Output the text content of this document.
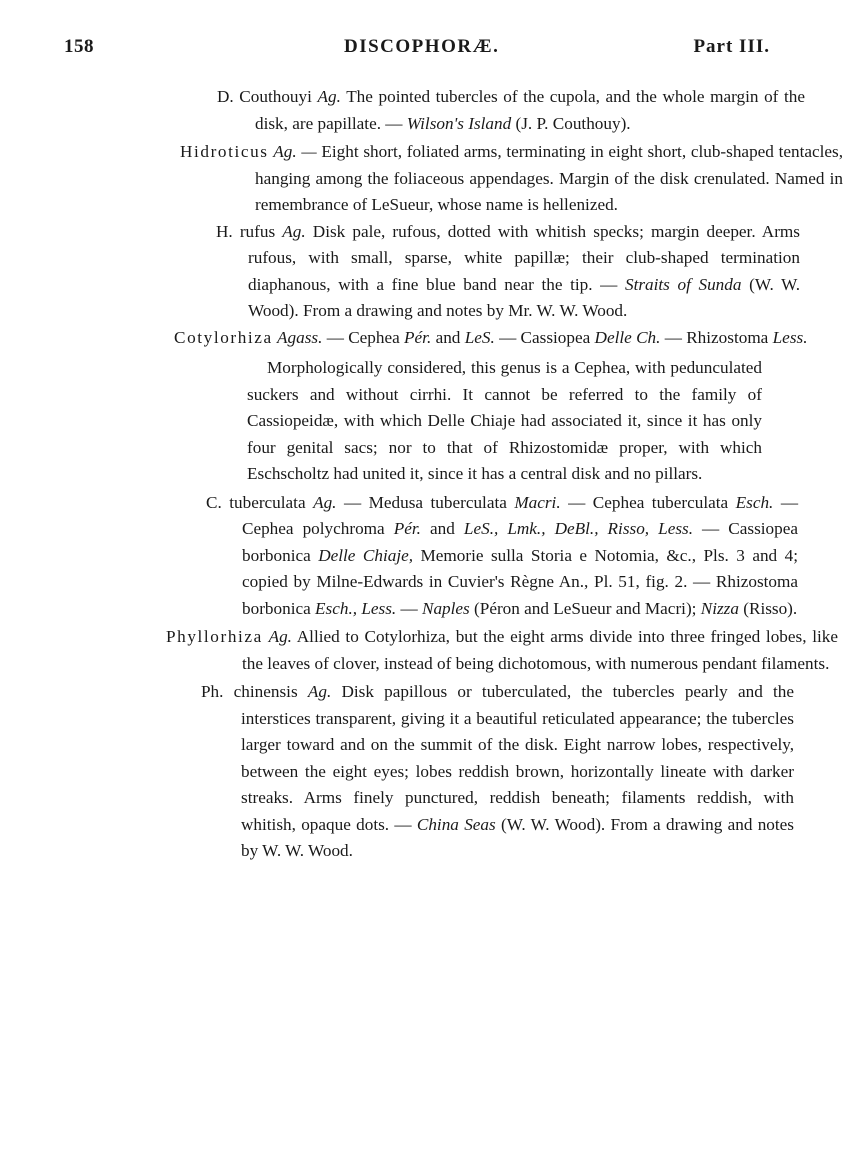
158	DISCOPHORÆ.	Part III.

D. Couthouyi Ag. The pointed tubercles of the cupola, and the whole margin of the disk, are papillate. — Wilson's Island (J. P. Couthouy).

Hidroticus Ag. — Eight short, foliated arms, terminating in eight short, club-shaped tentacles, hanging among the foliaceous appendages. Margin of the disk crenulated. Named in remembrance of LeSueur, whose name is hellenized.

H. rufus Ag. Disk pale, rufous, dotted with whitish specks; margin deeper. Arms rufous, with small, sparse, white papillæ; their club-shaped termination diaphanous, with a fine blue band near the tip. — Straits of Sunda (W. W. Wood). From a drawing and notes by Mr. W. W. Wood.

Cotylorhiza Agass. — Cephea Pér. and LeS. — Cassiopea Delle Ch. — Rhizostoma Less.

Morphologically considered, this genus is a Cephea, with pedunculated suckers and without cirrhi. It cannot be referred to the family of Cassiopeidæ, with which Delle Chiaje had associated it, since it has only four genital sacs; nor to that of Rhizostomidæ proper, with which Eschscholtz had united it, since it has a central disk and no pillars.

C. tuberculata Ag. — Medusa tuberculata Macri. — Cephea tuberculata Esch. — Cephea polychroma Pér. and LeS., Lmk., DeBl., Risso, Less. — Cassiopea borbonica Delle Chiaje, Memorie sulla Storia e Notomia, &c., Pls. 3 and 4; copied by Milne-Edwards in Cuvier's Règne An., Pl. 51, fig. 2. — Rhizostoma borbonica Esch., Less. — Naples (Péron and LeSueur and Macri); Nizza (Risso).

Phyllorhiza Ag. Allied to Cotylorhiza, but the eight arms divide into three fringed lobes, like the leaves of clover, instead of being dichotomous, with numerous pendant filaments.

Ph. chinensis Ag. Disk papillous or tuberculated, the tubercles pearly and the interstices transparent, giving it a beautiful reticulated appearance; the tubercles larger toward and on the summit of the disk. Eight narrow lobes, respectively, between the eight eyes; lobes reddish brown, horizontally lineate with darker streaks. Arms finely punctured, reddish beneath; filaments reddish, with whitish, opaque dots. — China Seas (W. W. Wood). From a drawing and notes by W. W. Wood.
